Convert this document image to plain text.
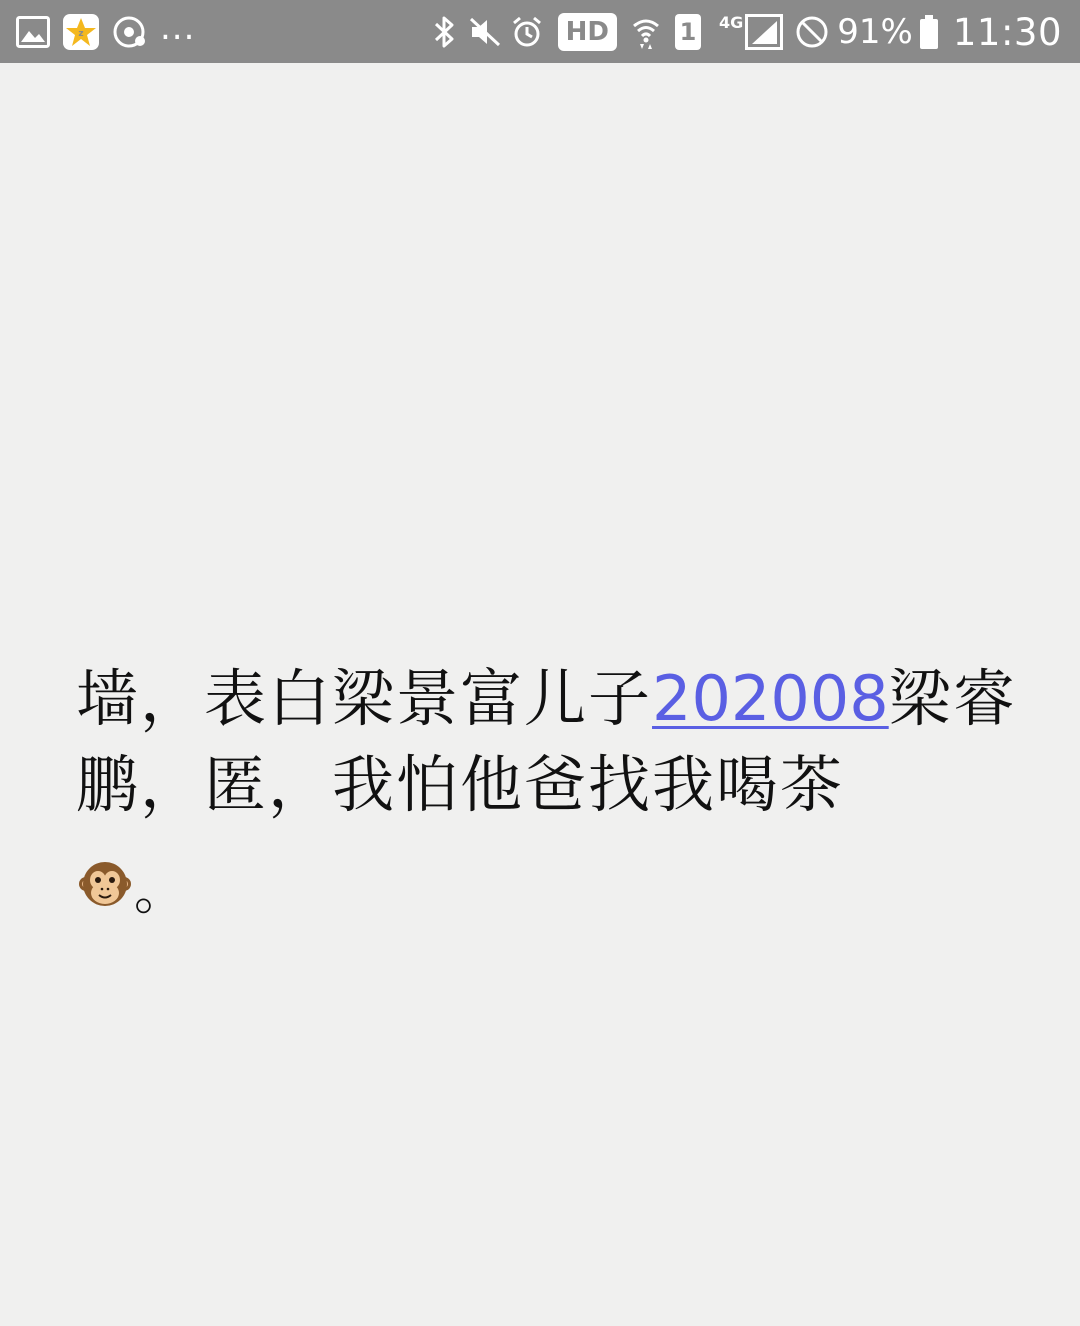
z ...	HD	1 4G	91% 11:30
墙，表白梁景富儿子202008梁睿鹏，匿，我怕他爸找我喝茶
。
